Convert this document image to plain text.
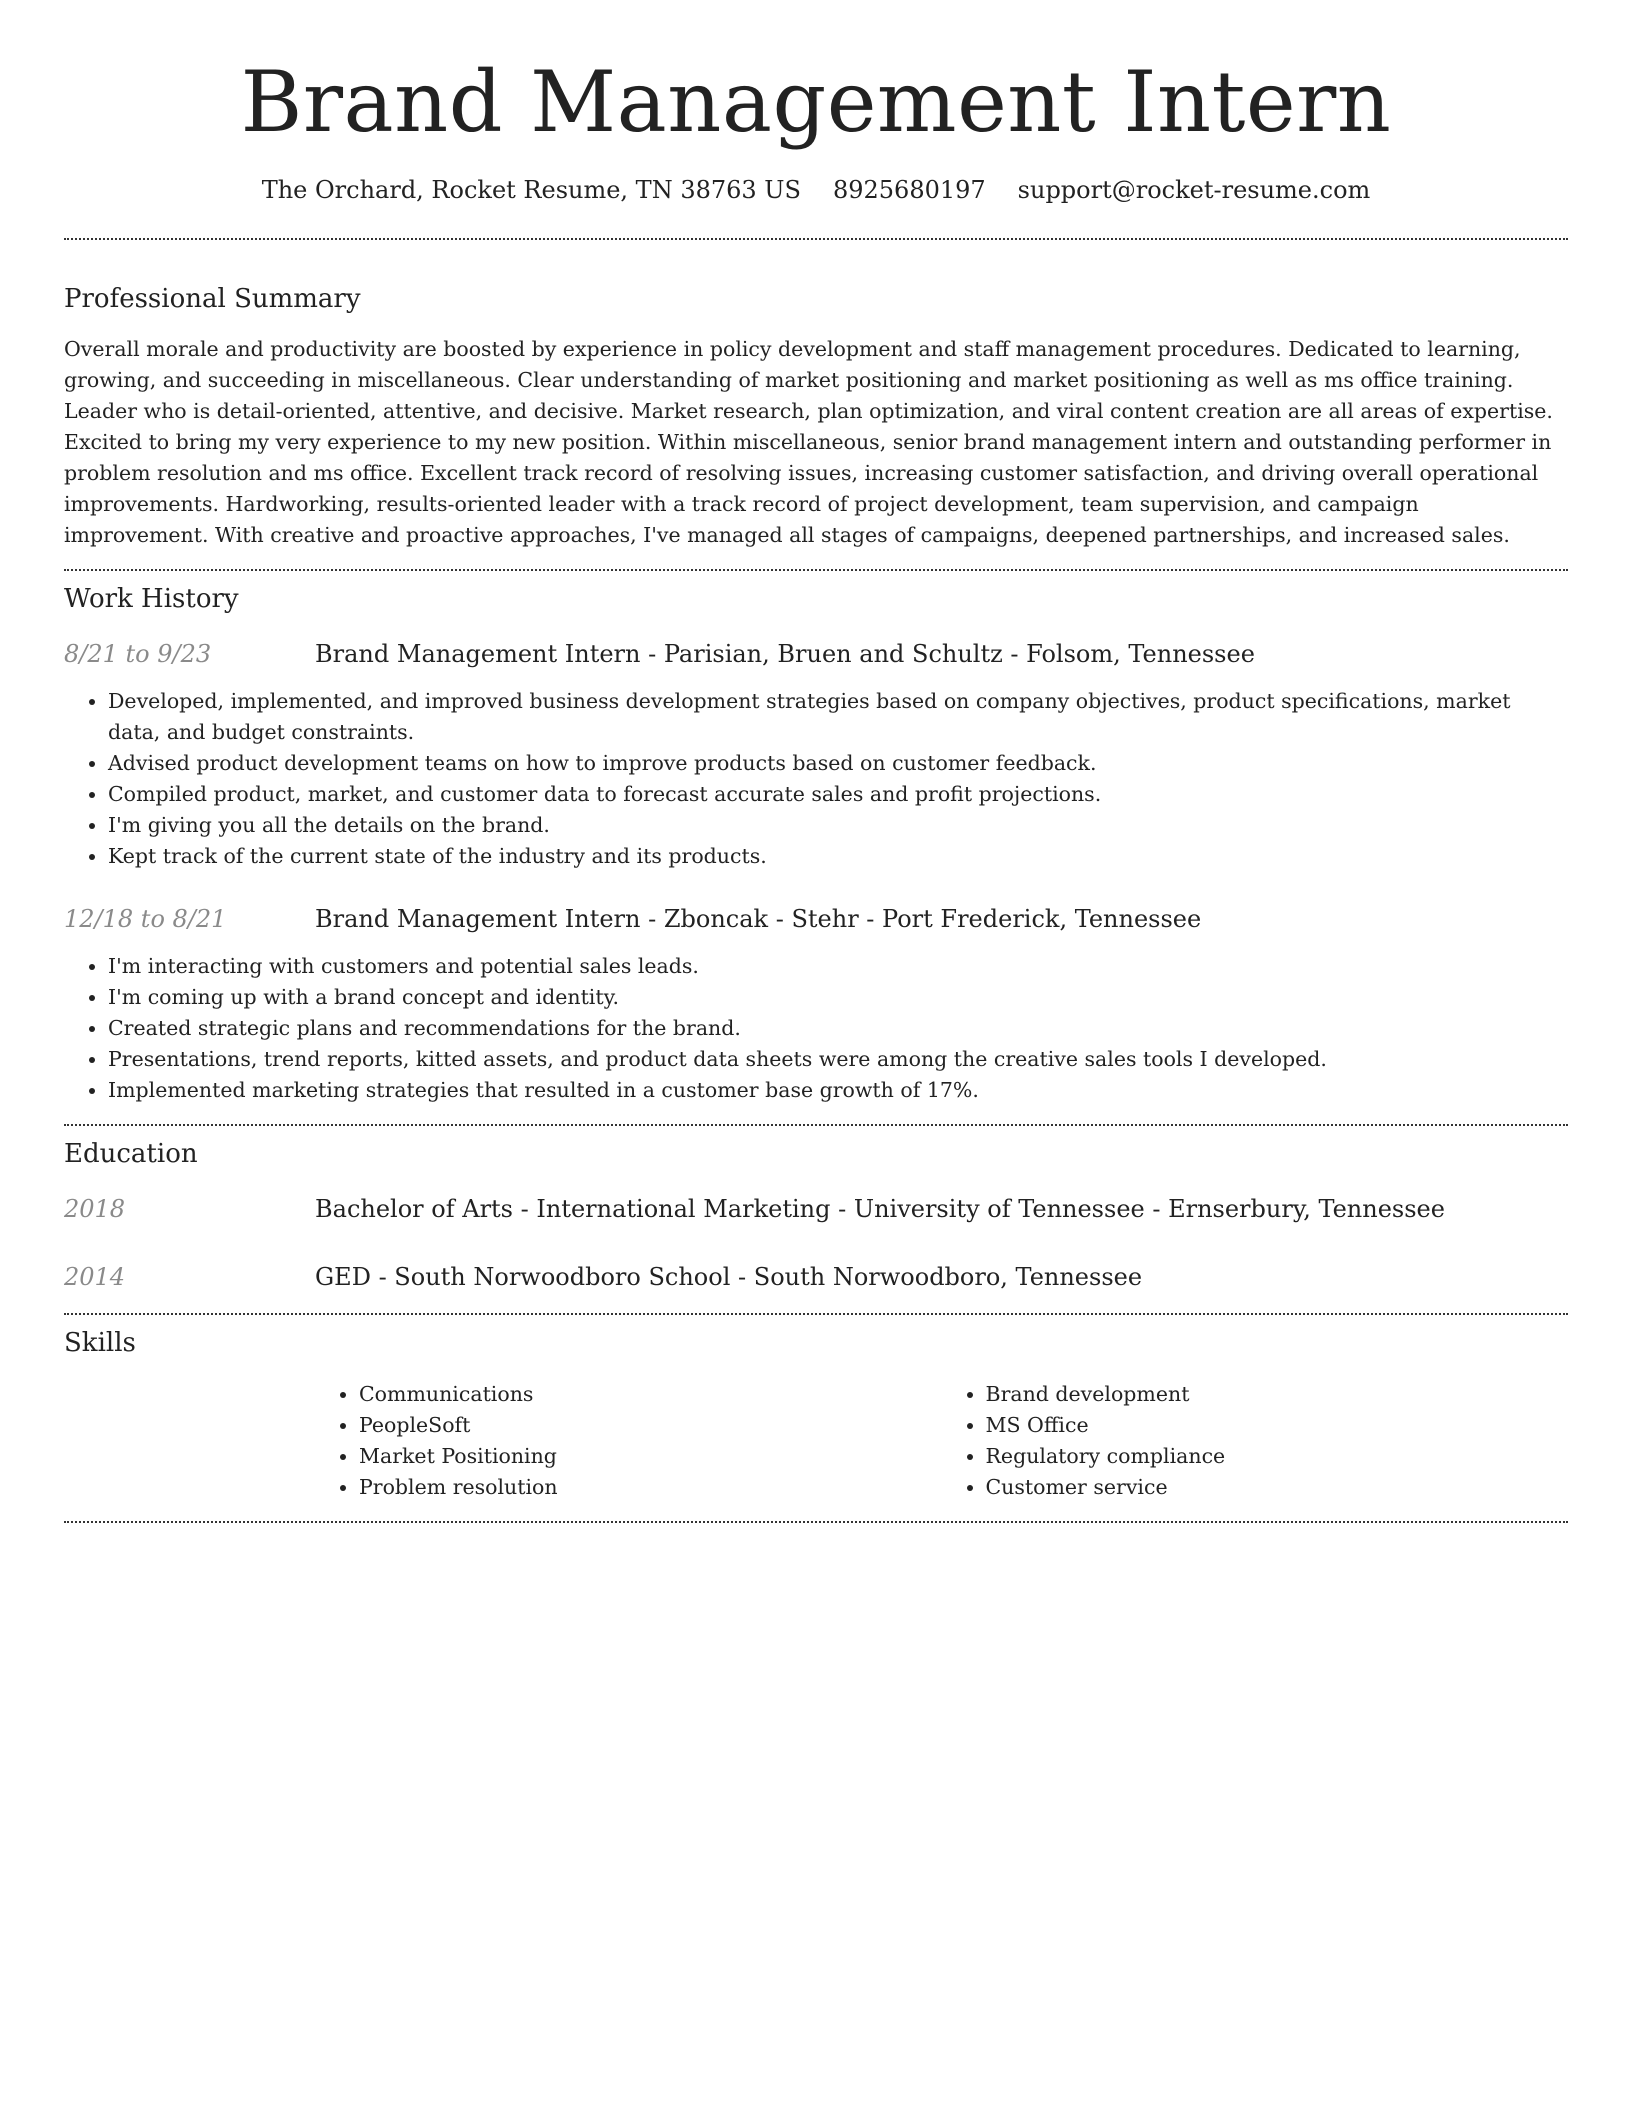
Brand Management Intern
The Orchard, Rocket Resume, TN 38763 US 8925680197 support@rocket-resume.com
Professional Summary

Overall morale and productivity are boosted by experience in policy development and staff management procedures. Dedicated to learning, growing, and succeeding in miscellaneous. Clear understanding of market positioning and market positioning as well as ms office training. Leader who is detail-oriented, attentive, and decisive. Market research, plan optimization, and viral content creation are all areas of expertise. Excited to bring my very experience to my new position. Within miscellaneous, senior brand management intern and outstanding performer in problem resolution and ms office. Excellent track record of resolving issues, increasing customer satisfaction, and driving overall operational improvements. Hardworking, results-oriented leader with a track record of project development, team supervision, and campaign improvement. With creative and proactive approaches, I've managed all stages of campaigns, deepened partnerships, and increased sales.

Work History
8/21 to 9/23	Brand Management Intern - Parisian, Bruen and Schultz - Folsom, Tennessee
• Developed, implemented, and improved business development strategies based on company objectives, product specifications, market data, and budget constraints.
• Advised product development teams on how to improve products based on customer feedback.
• Compiled product, market, and customer data to forecast accurate sales and profit projections.
• I'm giving you all the details on the brand.
• Kept track of the current state of the industry and its products.
12/18 to 8/21	Brand Management Intern - Zboncak - Stehr - Port Frederick, Tennessee
• I'm interacting with customers and potential sales leads.
• I'm coming up with a brand concept and identity.
• Created strategic plans and recommendations for the brand.
• Presentations, trend reports, kitted assets, and product data sheets were among the creative sales tools I developed.
• Implemented marketing strategies that resulted in a customer base growth of 17%.
Education
2018	Bachelor of Arts - International Marketing - University of Tennessee - Ernserbury, Tennessee
2014	GED - South Norwoodboro School - South Norwoodboro, Tennessee
Skills
• Communications
• PeopleSoft
• Market Positioning
• Problem resolution
• Brand development
• MS Office
• Regulatory compliance
• Customer service
